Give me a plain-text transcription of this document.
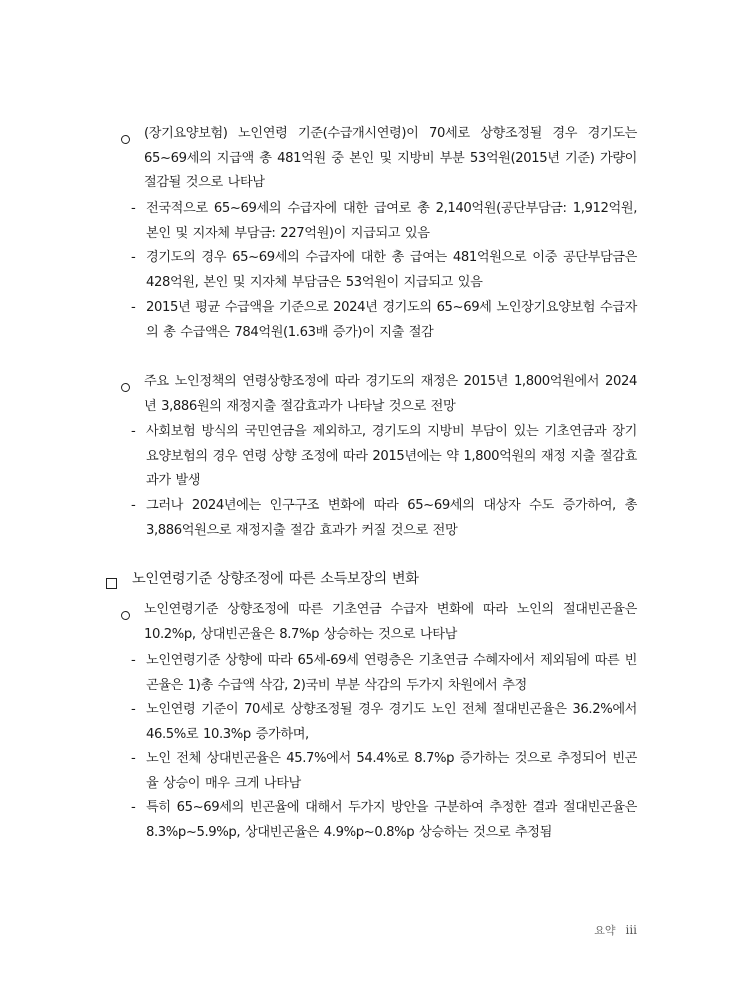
(장기요양보험) 노인연령 기준(수급개시연령)이 70세로 상향조정될 경우 경기도는 65~69세의 지급액 총 481억원 중 본인 및 지방비 부분 53억원(2015년 기준) 가량이 절감될 것으로 나타남
- 전국적으로 65~69세의 수급자에 대한 급여로 총 2,140억원(공단부담금: 1,912억원, 본인 및 지자체 부담금: 227억원)이 지급되고 있음
- 경기도의 경우 65~69세의 수급자에 대한 총 급여는 481억원으로 이중 공단부담금은 428억원, 본인 및 지자체 부담금은 53억원이 지급되고 있음
- 2015년 평균 수급액을 기준으로 2024년 경기도의 65~69세 노인장기요양보험 수급자의 총 수급액은 784억원(1.63배 증가)이 지출 절감
주요 노인정책의 연령상향조정에 따라 경기도의 재정은 2015년 1,800억원에서 2024년 3,886원의 재정지출 절감효과가 나타날 것으로 전망
- 사회보험 방식의 국민연금을 제외하고, 경기도의 지방비 부담이 있는 기초연금과 장기요양보험의 경우 연령 상향 조정에 따라 2015년에는 약 1,800억원의 재정 지출 절감효과가 발생
- 그러나 2024년에는 인구구조 변화에 따라 65~69세의 대상자 수도 증가하여, 총 3,886억원으로 재정지출 절감 효과가 커질 것으로 전망
노인연령기준 상향조정에 따른 소득보장의 변화
노인연령기준 상향조정에 따른 기초연금 수급자 변화에 따라 노인의 절대빈곤율은 10.2%p, 상대빈곤율은 8.7%p 상승하는 것으로 나타남
- 노인연령기준 상향에 따라 65세-69세 연령층은 기초연금 수혜자에서 제외됨에 따른 빈곤율은 1)총 수급액 삭감, 2)국비 부분 삭감의 두가지 차원에서 추정
- 노인연령 기준이 70세로 상향조정될 경우 경기도 노인 전체 절대빈곤율은 36.2%에서 46.5%로 10.3%p 증가하며,
- 노인 전체 상대빈곤율은 45.7%에서 54.4%로 8.7%p 증가하는 것으로 추정되어 빈곤율 상승이 매우 크게 나타남
- 특히 65~69세의 빈곤율에 대해서 두가지 방안을 구분하여 추정한 결과 절대빈곤율은 8.3%p~5.9%p, 상대빈곤율은 4.9%p~0.8%p 상승하는 것으로 추정됨
요약 iii
